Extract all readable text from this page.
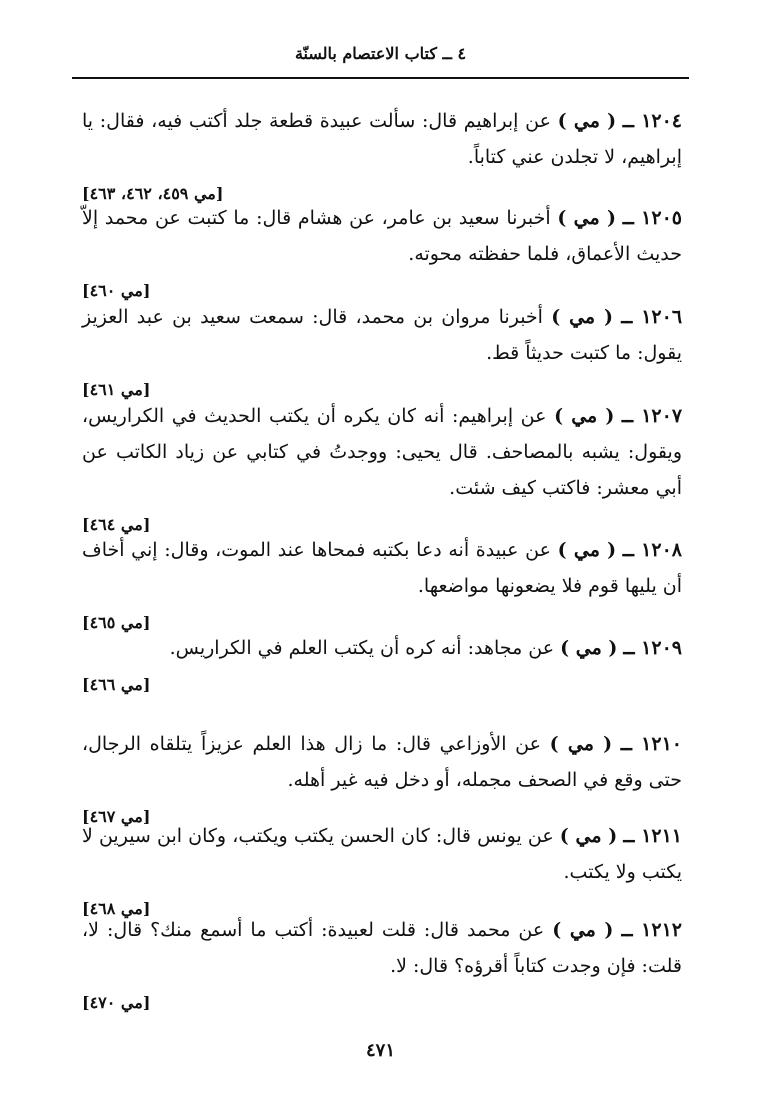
٤ ــ كتاب الاعتصام بالسنّة

١٢٠٤ ــ ( مي ) عن إبراهيم قال: سألت عبيدة قطعة جلد أكتب فيه، فقال: يا إبراهيم، لا تجلدن عني كتاباً.

[مي ٤٥٩، ٤٦٢، ٤٦٣]

١٢٠٥ ــ ( مي ) أخبرنا سعيد بن عامر، عن هشام قال: ما كتبت عن محمد إلاّ حديث الأعماق، فلما حفظته محوته.

[مي ٤٦٠]

١٢٠٦ ــ ( مي ) أخبرنا مروان بن محمد، قال: سمعت سعيد بن عبد العزيز يقول: ما كتبت حديثاً قط.

[مي ٤٦١]

١٢٠٧ ــ ( مي ) عن إبراهيم: أنه كان يكره أن يكتب الحديث في الكراريس، ويقول: يشبه بالمصاحف. قال يحيى: ووجدتُ في كتابي عن زياد الكاتب عن أبي معشر: فاكتب كيف شئت.

[مي ٤٦٤]

١٢٠٨ ــ ( مي ) عن عبيدة أنه دعا بكتبه فمحاها عند الموت، وقال: إني أخاف أن يليها قوم فلا يضعونها مواضعها.

[مي ٤٦٥]

١٢٠٩ ــ ( مي ) عن مجاهد: أنه كره أن يكتب العلم في الكراريس.

[مي ٤٦٦]

١٢١٠ ــ ( مي ) عن الأوزاعي قال: ما زال هذا العلم عزيزاً يتلقاه الرجال، حتى وقع في الصحف مجمله، أو دخل فيه غير أهله.

[مي ٤٦٧]

١٢١١ ــ ( مي ) عن يونس قال: كان الحسن يكتب ويكتب، وكان ابن سيرين لا يكتب ولا يكتب.

[مي ٤٦٨]

١٢١٢ ــ ( مي ) عن محمد قال: قلت لعبيدة: أكتب ما أسمع منك؟ قال: لا، قلت: فإن وجدت كتاباً أقرؤه؟ قال: لا.

[مي ٤٧٠]
٤٧١
